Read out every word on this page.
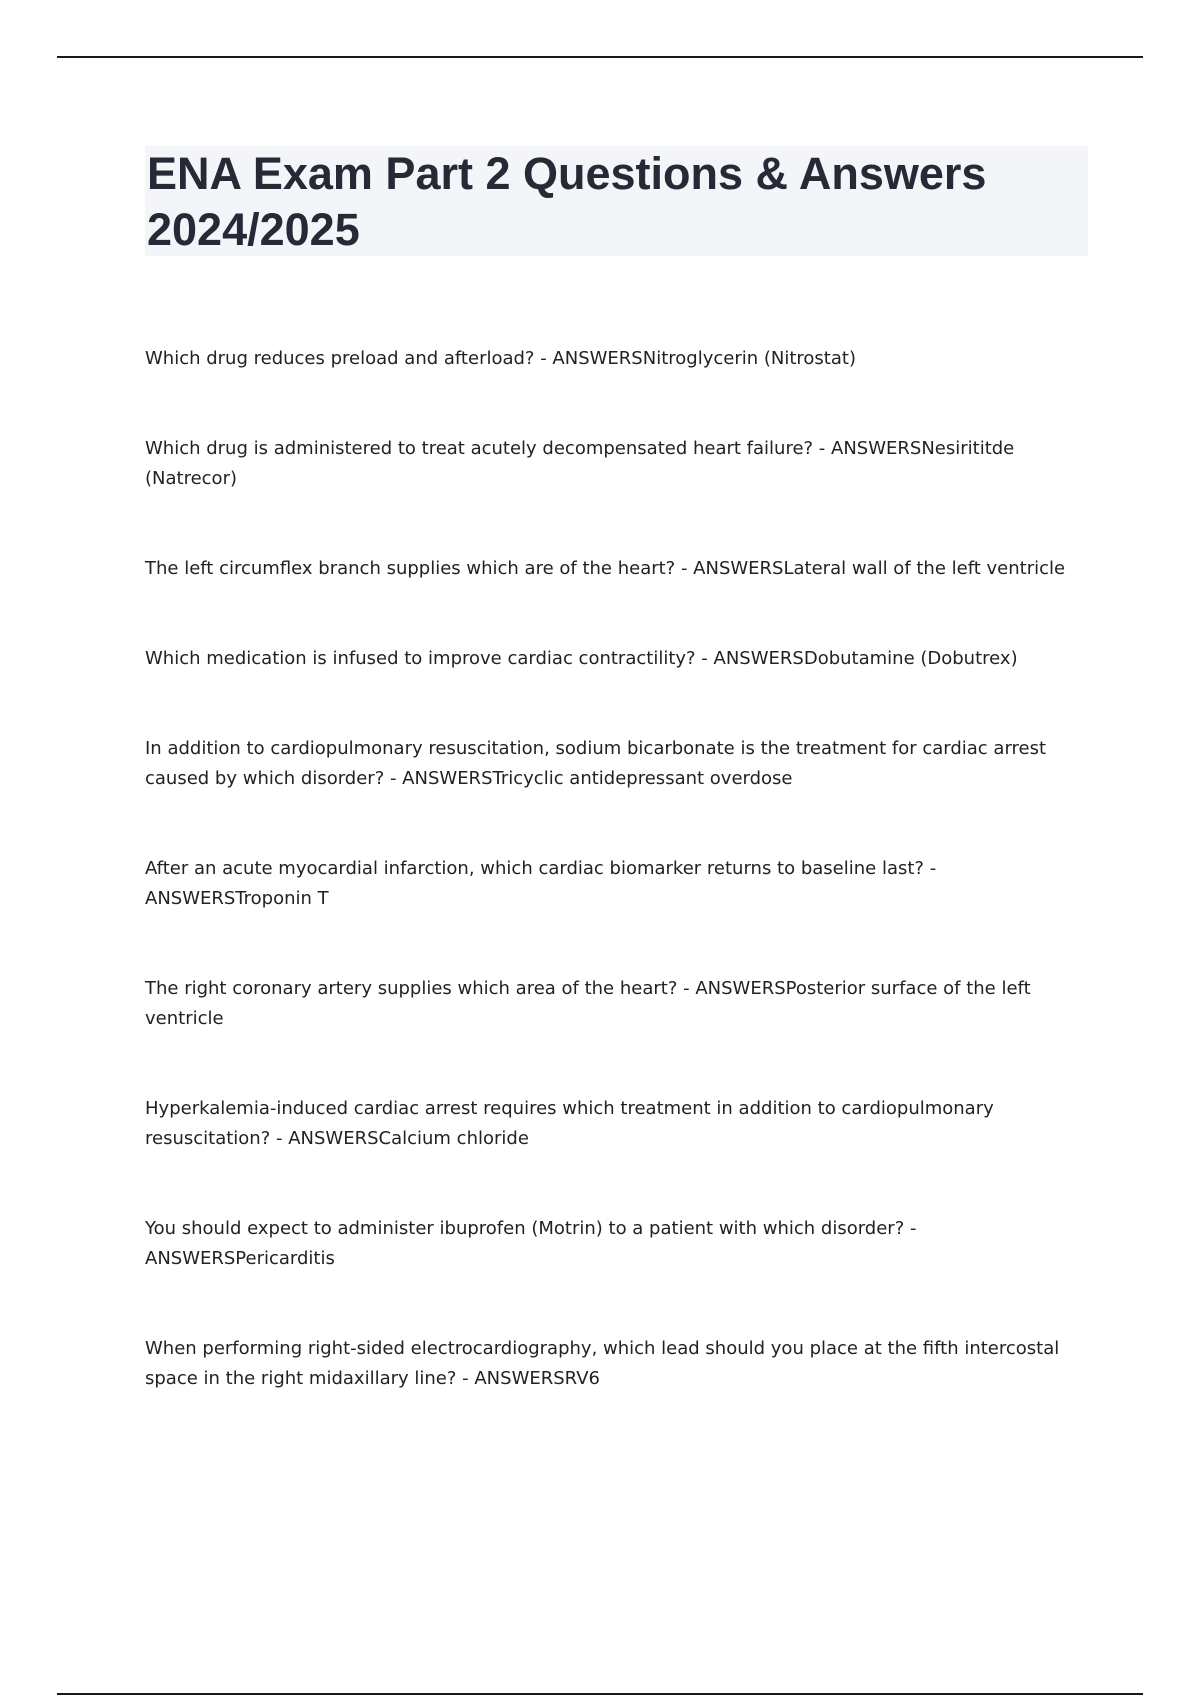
ENA Exam Part 2 Questions & Answers 2024/2025
Which drug reduces preload and afterload? - ANSWERSNitroglycerin (Nitrostat)
Which drug is administered to treat acutely decompensated heart failure? - ANSWERSNesirititde (Natrecor)
The left circumflex branch supplies which are of the heart? - ANSWERSLateral wall of the left ventricle
Which medication is infused to improve cardiac contractility? - ANSWERSDobutamine (Dobutrex)
In addition to cardiopulmonary resuscitation, sodium bicarbonate is the treatment for cardiac arrest caused by which disorder? - ANSWERSTricyclic antidepressant overdose
After an acute myocardial infarction, which cardiac biomarker returns to baseline last? - ANSWERSTroponin T
The right coronary artery supplies which area of the heart? - ANSWERSPosterior surface of the left ventricle
Hyperkalemia-induced cardiac arrest requires which treatment in addition to cardiopulmonary resuscitation? - ANSWERSCalcium chloride
You should expect to administer ibuprofen (Motrin) to a patient with which disorder? - ANSWERSPericarditis
When performing right-sided electrocardiography, which lead should you place at the fifth intercostal space in the right midaxillary line? - ANSWERSRV6
